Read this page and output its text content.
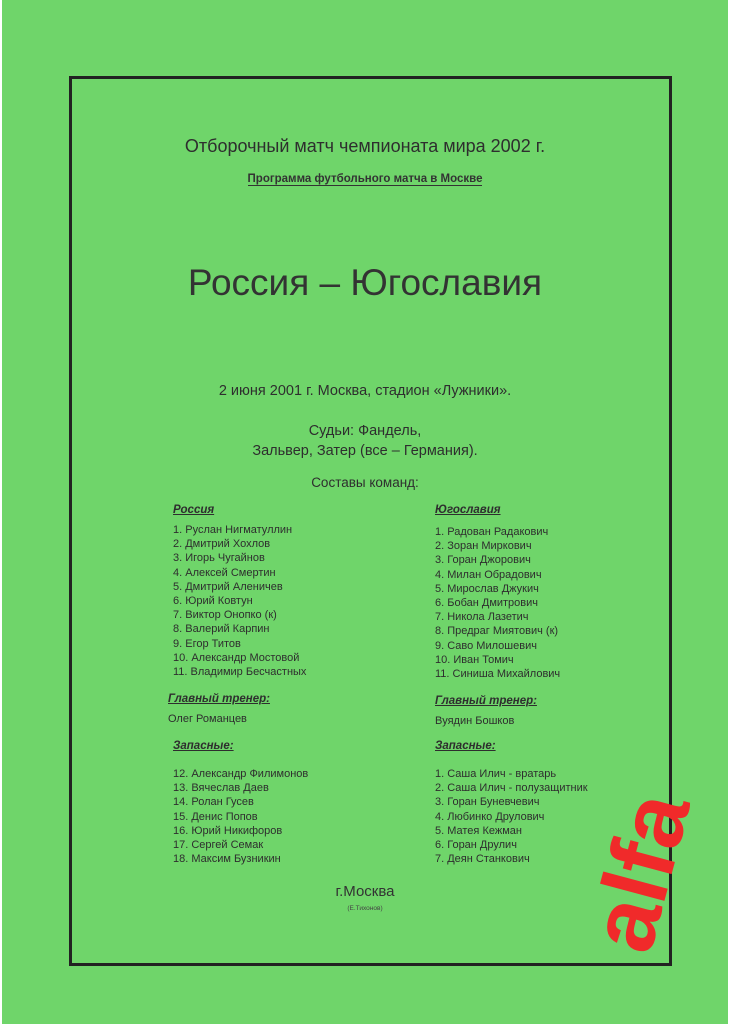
Отборочный матч чемпионата мира 2002 г.
Программа футбольного матча в Москве
Россия – Югославия
2 июня 2001 г. Москва, стадион «Лужники».
Судьи: Фандель,
Зальвер, Затер (все – Германия).
Составы команд:
Россия
1. Руслан Нигматуллин
2. Дмитрий Хохлов
3. Игорь Чугайнов
4. Алексей Смертин
5. Дмитрий Аленичев
6. Юрий Ковтун
7. Виктор Онопко (к)
8. Валерий Карпин
9. Егор Титов
10. Александр Мостовой
11. Владимир Бесчастных
Главный тренер:
Олег Романцев
Запасные:
12. Александр Филимонов
13. Вячеслав Даев
14. Ролан Гусев
15. Денис Попов
16. Юрий Никифоров
17. Сергей Семак
18. Максим Бузникин
Югославия
1. Радован Радакович
2. Зоран Миркович
3. Горан Джорович
4. Милан Обрадович
5. Мирослав Джукич
6. Бобан Дмитрович
7. Никола Лазетич
8. Предраг Миятович (к)
9. Саво Милошевич
10. Иван Томич
11. Синиша Михайлович
Главный тренер:
Вуядин Бошков
Запасные:
1. Саша Илич - вратарь
2. Саша Илич - полузащитник
3. Горан Буневчевич
4. Любинко Друлович
5. Матея Кежман
6. Горан Друлич
7. Деян Станкович
г.Москва
(Е.Тихонов)	alfa
